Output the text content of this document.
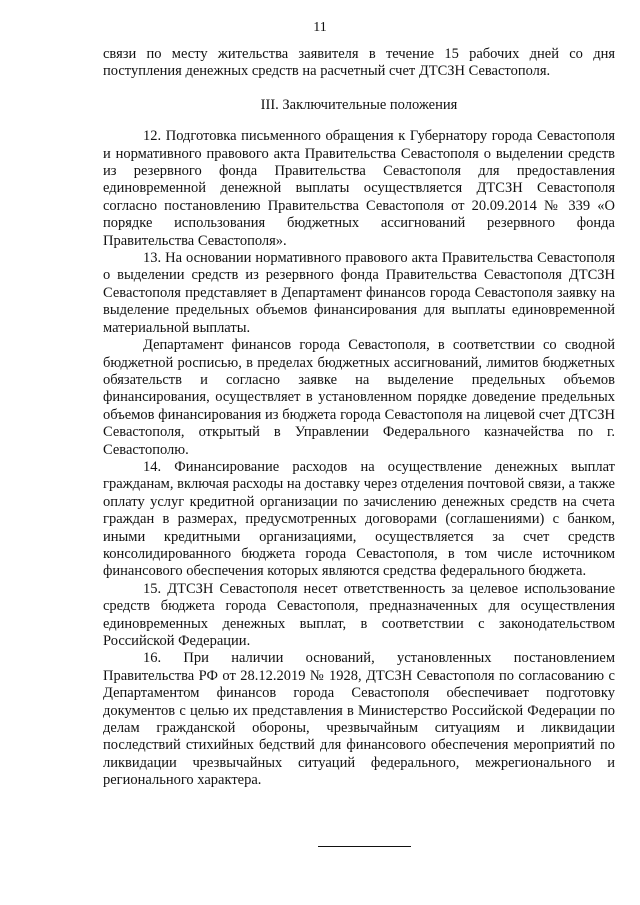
11

связи по месту жительства заявителя в течение 15 рабочих дней со дня поступления денежных средств на расчетный счет ДТСЗН Севастополя.

III. Заключительные положения

12. Подготовка письменного обращения к Губернатору города Севастополя и нормативного правового акта Правительства Севастополя о выделении средств из резервного фонда Правительства Севастополя для предоставления единовременной денежной выплаты осуществляется ДТСЗН Севастополя согласно постановлению Правительства Севастополя от 20.09.2014 № 339 «О порядке использования бюджетных ассигнований резервного фонда Правительства Севастополя».

13. На основании нормативного правового акта Правительства Севастополя о выделении средств из резервного фонда Правительства Севастополя ДТСЗН Севастополя представляет в Департамент финансов города Севастополя заявку на выделение предельных объемов финансирования для выплаты единовременной материальной выплаты.

Департамент финансов города Севастополя, в соответствии со сводной бюджетной росписью, в пределах бюджетных ассигнований, лимитов бюджетных обязательств и согласно заявке на выделение предельных объемов финансирования, осуществляет в установленном порядке доведение предельных объемов финансирования из бюджета города Севастополя на лицевой счет ДТСЗН Севастополя, открытый в Управлении Федерального казначейства по г. Севастополю.

14. Финансирование расходов на осуществление денежных выплат гражданам, включая расходы на доставку через отделения почтовой связи, а также оплату услуг кредитной организации по зачислению денежных средств на счета граждан в размерах, предусмотренных договорами (соглашениями) с банком, иными кредитными организациями, осуществляется за счет средств консолидированного бюджета города Севастополя, в том числе источником финансового обеспечения которых являются средства федерального бюджета.

15. ДТСЗН Севастополя несет ответственность за целевое использование средств бюджета города Севастополя, предназначенных для осуществления единовременных денежных выплат, в соответствии с законодательством Российской Федерации.

16. При наличии оснований, установленных постановлением Правительства РФ от 28.12.2019 № 1928, ДТСЗН Севастополя по согласованию с Департаментом финансов города Севастополя обеспечивает подготовку документов с целью их представления в Министерство Российской Федерации по делам гражданской обороны, чрезвычайным ситуациям и ликвидации последствий стихийных бедствий для финансового обеспечения мероприятий по ликвидации чрезвычайных ситуаций федерального, межрегионального и регионального характера.
